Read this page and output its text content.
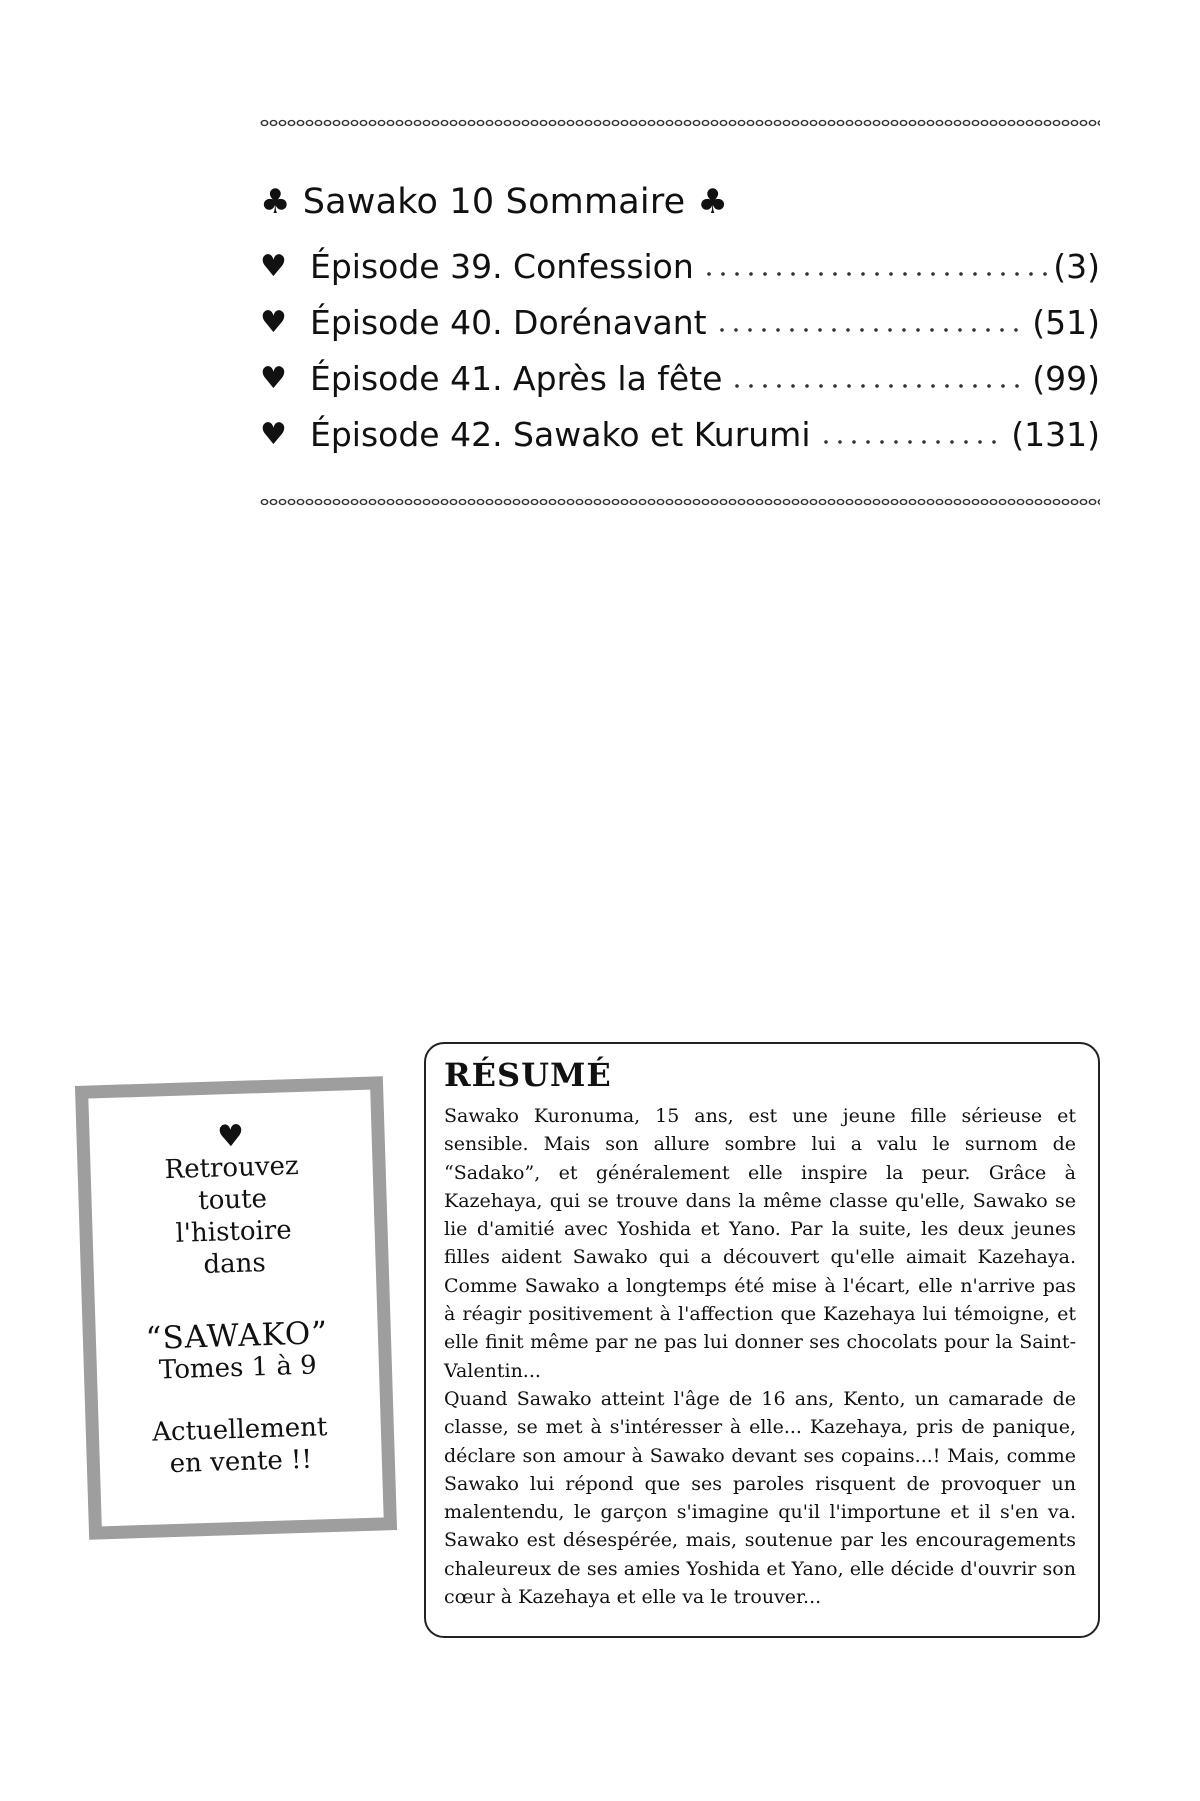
♣ Sawako 10 Sommaire ♣
♥ Épisode 39. Confession	(3)
♥ Épisode 40. Dorénavant	(51)
♥ Épisode 41. Après la fête	(99)
♥ Épisode 42. Sawako et Kurumi	(131)
♥
Retrouvez
toute
l'histoire
dans
“SAWAKO”
Tomes 1 à 9
Actuellement
en vente !!
RÉSUMÉ

Sawako Kuronuma, 15 ans, est une jeune fille sérieuse et sensible. Mais son allure sombre lui a valu le surnom de “Sadako”, et généralement elle inspire la peur. Grâce à Kazehaya, qui se trouve dans la même classe qu'elle, Sawako se lie d'amitié avec Yoshida et Yano. Par la suite, les deux jeunes filles aident Sawako qui a découvert qu'elle aimait Kazehaya. Comme Sawako a longtemps été mise à l'écart, elle n'arrive pas à réagir positivement à l'affection que Kazehaya lui témoigne, et elle finit même par ne pas lui donner ses chocolats pour la Saint-Valentin...

Quand Sawako atteint l'âge de 16 ans, Kento, un camarade de classe, se met à s'intéresser à elle... Kazehaya, pris de panique, déclare son amour à Sawako devant ses copains...! Mais, comme Sawako lui répond que ses paroles risquent de provoquer un malentendu, le garçon s'imagine qu'il l'importune et il s'en va. Sawako est désespérée, mais, soutenue par les encouragements chaleureux de ses amies Yoshida et Yano, elle décide d'ouvrir son cœur à Kazehaya et elle va le trouver...
